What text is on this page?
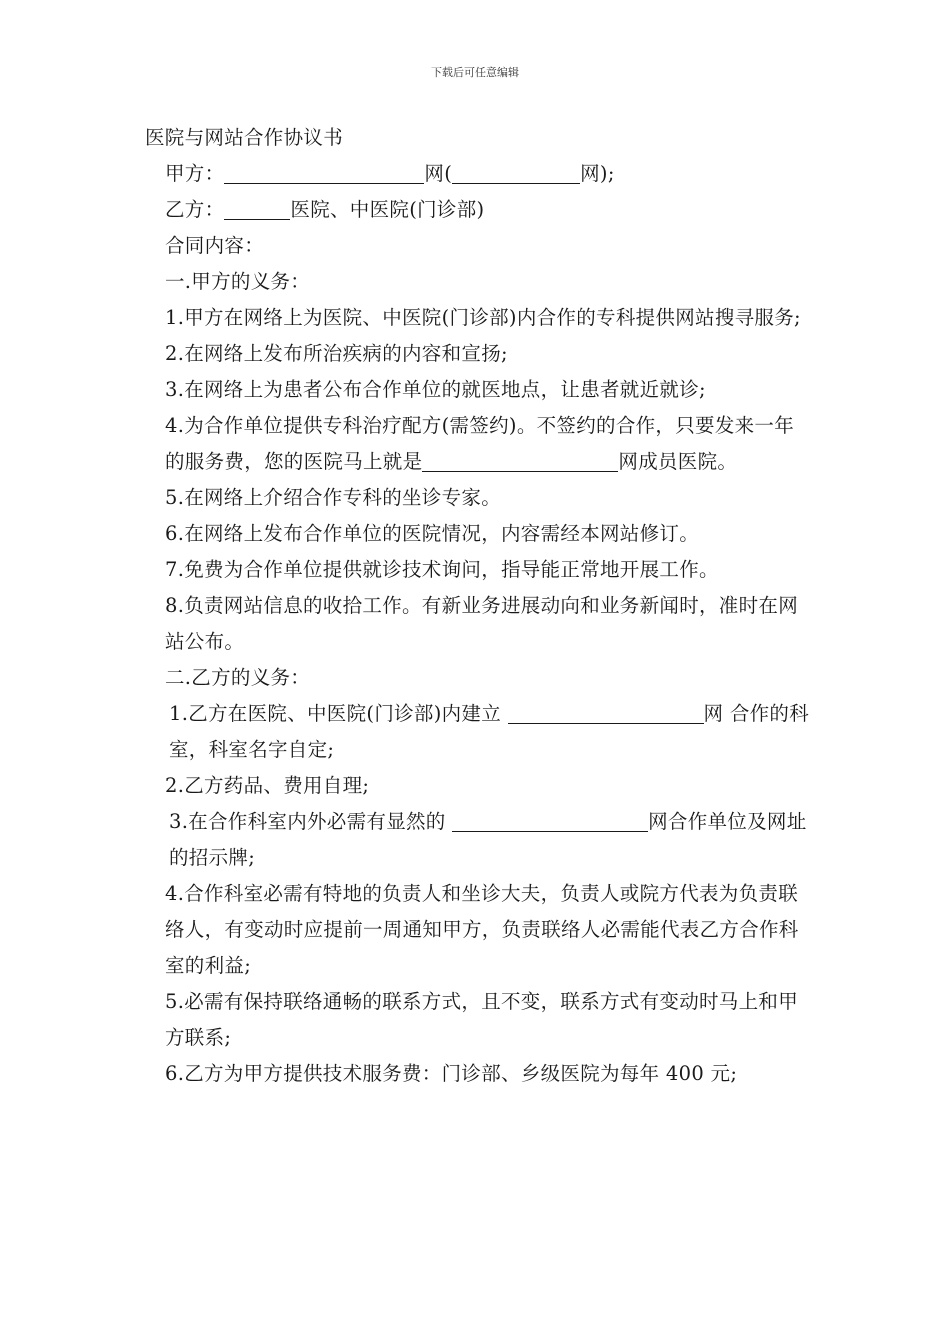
下载后可任意编辑

医院与网站合作协议书

甲方：	网(	网);

乙方：	医院、中医院(门诊部)

合同内容：

一.甲方的义务：

1.甲方在网络上为医院、中医院(门诊部)内合作的专科提供网站搜寻服务;

2.在网络上发布所治疾病的内容和宣扬;

3.在网络上为患者公布合作单位的就医地点，让患者就近就诊;

4.为合作单位提供专科治疗配方(需签约)。不签约的合作，只要发来一年的服务费，您的医院马上就是	网成员医院。

5.在网络上介绍合作专科的坐诊专家。

6.在网络上发布合作单位的医院情况，内容需经本网站修订。

7.免费为合作单位提供就诊技术询问，指导能正常地开展工作。

8.负责网站信息的收拾工作。有新业务进展动向和业务新闻时，准时在网站公布。

二.乙方的义务：

1.乙方在医院、中医院(门诊部)内建立	网 合作的科室，科室名字自定;

2.乙方药品、费用自理;

3.在合作科室内外必需有显然的	网合作单位及网址的招示牌;

4.合作科室必需有特地的负责人和坐诊大夫，负责人或院方代表为负责联络人，有变动时应提前一周通知甲方，负责联络人必需能代表乙方合作科室的利益;

5.必需有保持联络通畅的联系方式，且不变，联系方式有变动时马上和甲方联系;

6.乙方为甲方提供技术服务费：门诊部、乡级医院为每年 400 元;
